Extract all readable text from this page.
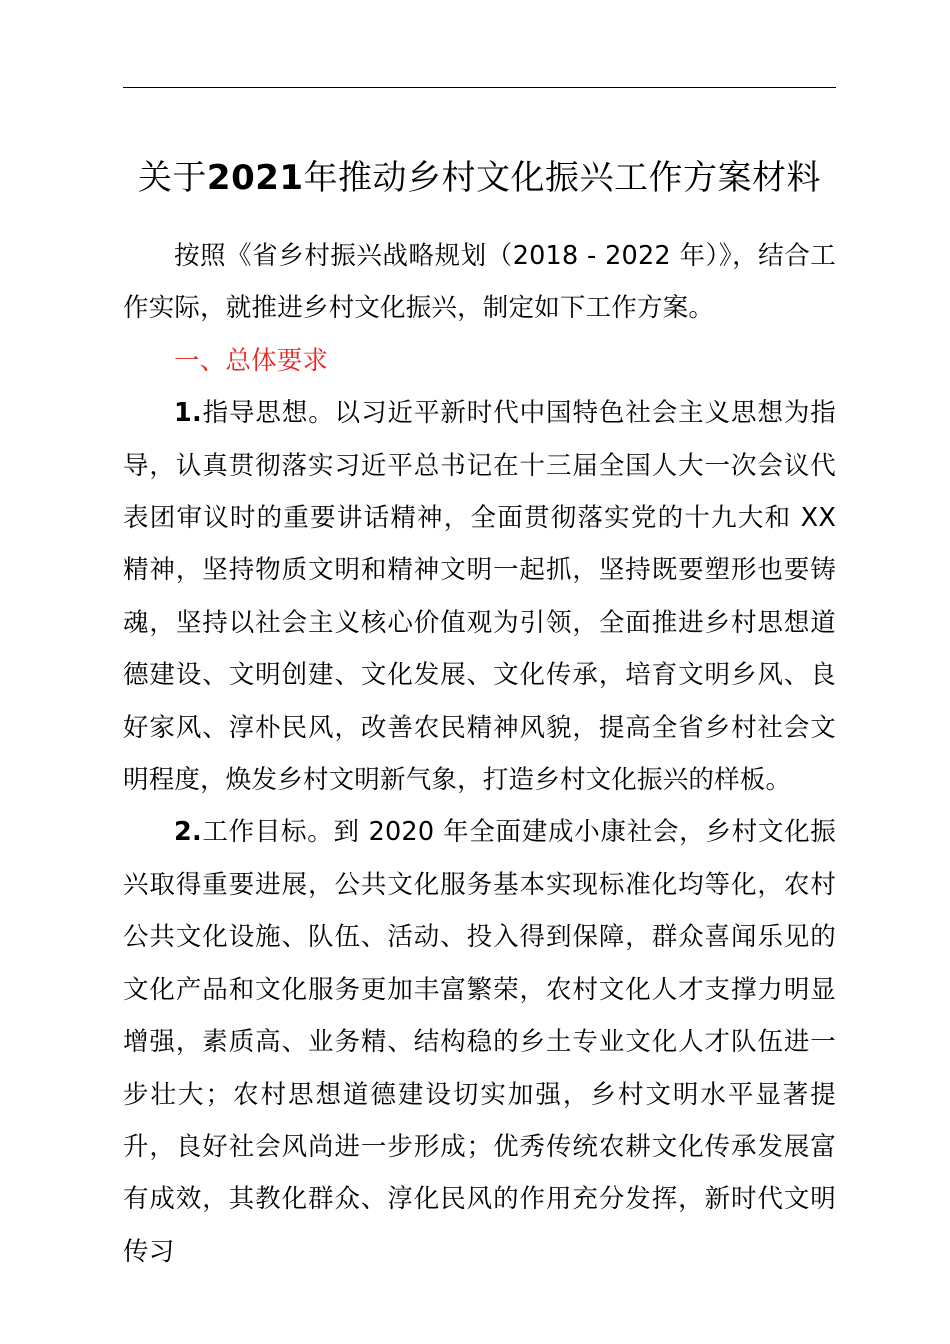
关于2021年推动乡村文化振兴工作方案材料

按照《省乡村振兴战略规划（2018 - 2022 年）》，结合工作实际，就推进乡村文化振兴，制定如下工作方案。

一、总体要求

1.指导思想。以习近平新时代中国特色社会主义思想为指导，认真贯彻落实习近平总书记在十三届全国人大一次会议代表团审议时的重要讲话精神，全面贯彻落实党的十九大和 XX 精神，坚持物质文明和精神文明一起抓，坚持既要塑形也要铸魂，坚持以社会主义核心价值观为引领，全面推进乡村思想道德建设、文明创建、文化发展、文化传承，培育文明乡风、良好家风、淳朴民风，改善农民精神风貌，提高全省乡村社会文明程度，焕发乡村文明新气象，打造乡村文化振兴的样板。

2.工作目标。到 2020 年全面建成小康社会，乡村文化振兴取得重要进展，公共文化服务基本实现标准化均等化，农村公共文化设施、队伍、活动、投入得到保障，群众喜闻乐见的文化产品和文化服务更加丰富繁荣，农村文化人才支撑力明显增强，素质高、业务精、结构稳的乡土专业文化人才队伍进一步壮大；农村思想道德建设切实加强，乡村文明水平显著提升，良好社会风尚进一步形成；优秀传统农耕文化传承发展富有成效，其教化群众、淳化民风的作用充分发挥，新时代文明传习
